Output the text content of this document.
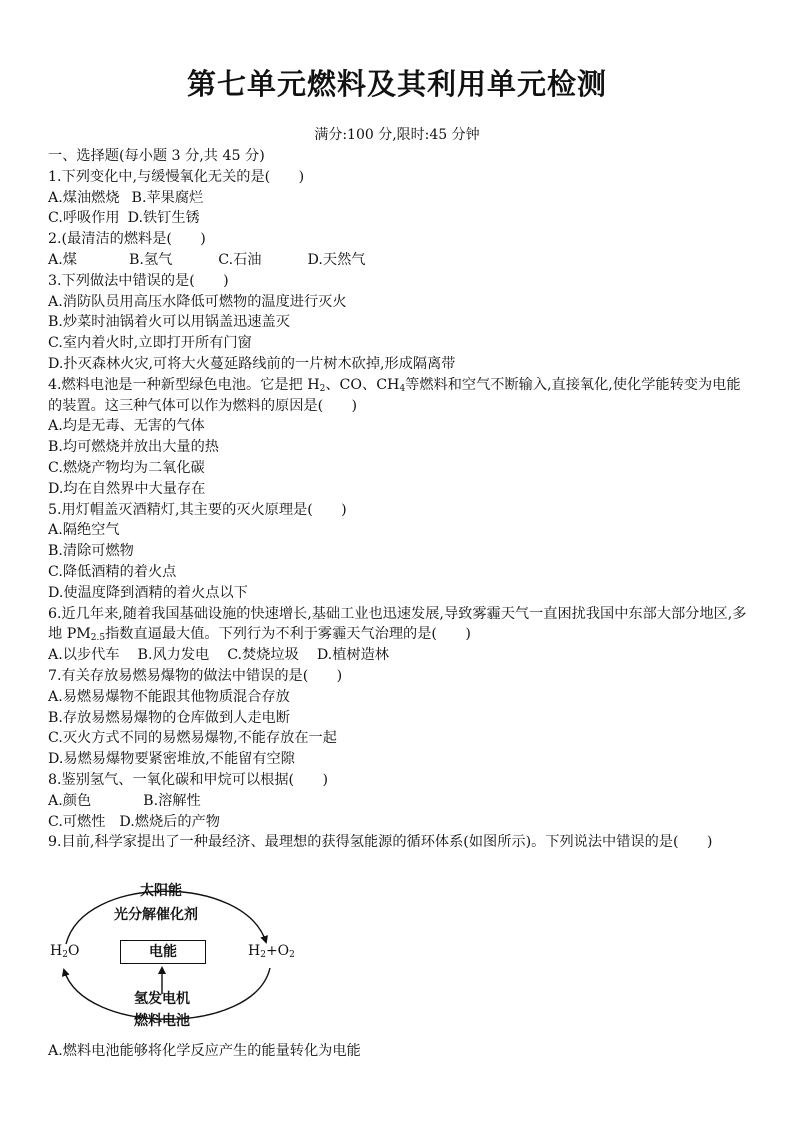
第七单元燃料及其利用单元检测
满分:100 分,限时:45 分钟
一、选择题(每小题 3 分,共 45 分)
1.下列变化中,与缓慢氧化无关的是(　　)
A.煤油燃烧 B.苹果腐烂
C.呼吸作用 D.铁钉生锈
2.(最清洁的燃料是(　　)
A.煤	B.氢气	C.石油	D.天然气
3.下列做法中错误的是(　　)
A.消防队员用高压水降低可燃物的温度进行灭火
B.炒菜时油锅着火可以用锅盖迅速盖灭
C.室内着火时,立即打开所有门窗
D.扑灭森林火灾,可将大火蔓延路线前的一片树木砍掉,形成隔离带
4.燃料电池是一种新型绿色电池。它是把 $H_2$、CO、$CH_4$等燃料和空气不断输入,直接氧化,使化学能转变为电能的装置。这三种气体可以作为燃料的原因是(　　)
A.均是无毒、无害的气体
B.均可燃烧并放出大量的热
C.燃烧产物均为二氧化碳
D.均在自然界中大量存在
5.用灯帽盖灭酒精灯,其主要的灭火原理是(　　)
A.隔绝空气
B.清除可燃物
C.降低酒精的着火点
D.使温度降到酒精的着火点以下
6.近几年来,随着我国基础设施的快速增长,基础工业也迅速发展,导致雾霾天气一直困扰我国中东部大部分地区,多地 $PM_{2.5}$指数直逼最大值。下列行为不利于雾霾天气治理的是(　　)
A.以步代车 B.风力发电 C.焚烧垃圾 D.植树造林
7.有关存放易燃易爆物的做法中错误的是(　　)
A.易燃易爆物不能跟其他物质混合存放
B.存放易燃易爆物的仓库做到人走电断
C.灭火方式不同的易燃易爆物,不能存放在一起
D.易燃易爆物要紧密堆放,不能留有空隙
8.鉴别氢气、一氧化碳和甲烷可以根据(　　)
A.颜色	B.溶解性
C.可燃性 D.燃烧后的产物
9.目前,科学家提出了一种最经济、最理想的获得氢能源的循环体系(如图所示)。下列说法中错误的是(　　)
太阳能
光分解催化剂
$H_2O$	电能	$H_2+O_2$
氢发电机
燃料电池
A.燃料电池能够将化学反应产生的能量转化为电能
